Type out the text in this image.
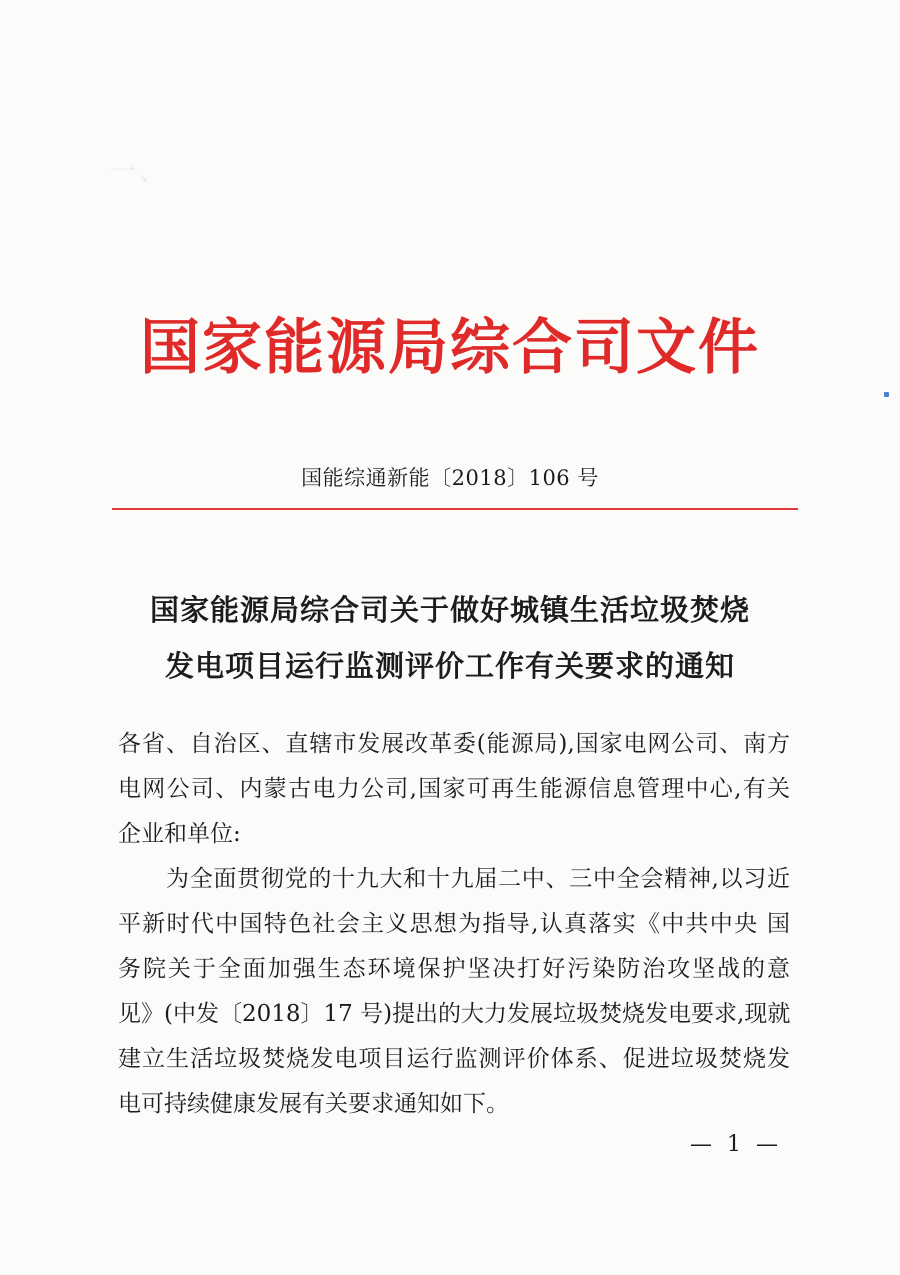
一、　　　　　　　　　

国家能源局综合司文件
国能综通新能〔2018〕106 号
国家能源局综合司关于做好城镇生活垃圾焚烧
发电项目运行监测评价工作有关要求的通知
各省、自治区、直辖市发展改革委(能源局),国家电网公司、南方
电网公司、内蒙古电力公司,国家可再生能源信息管理中心,有关
企业和单位:
为全面贯彻党的十九大和十九届二中、三中全会精神,以习近
平新时代中国特色社会主义思想为指导,认真落实《中共中央 国
务院关于全面加强生态环境保护坚决打好污染防治攻坚战的意
见》(中发〔2018〕17 号)提出的大力发展垃圾焚烧发电要求,现就
建立生活垃圾焚烧发电项目运行监测评价体系、促进垃圾焚烧发
电可持续健康发展有关要求通知如下。
— 1 —
